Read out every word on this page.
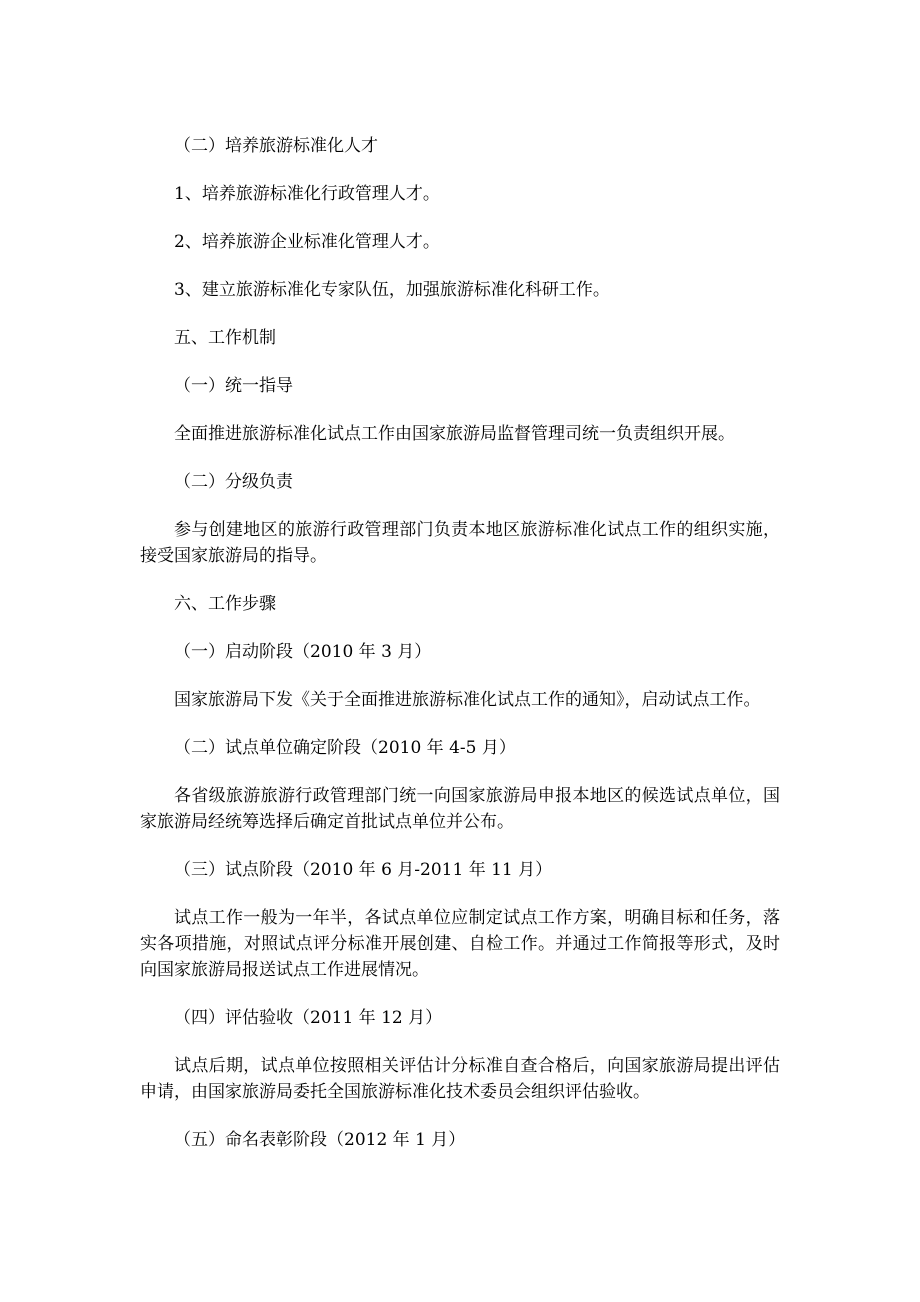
（二）培养旅游标准化人才

1、培养旅游标准化行政管理人才。

2、培养旅游企业标准化管理人才。

3、建立旅游标准化专家队伍，加强旅游标准化科研工作。

五、工作机制

（一）统一指导

全面推进旅游标准化试点工作由国家旅游局监督管理司统一负责组织开展。

（二）分级负责

参与创建地区的旅游行政管理部门负责本地区旅游标准化试点工作的组织实施，接受国家旅游局的指导。

六、工作步骤

（一）启动阶段（2010 年 3 月）

国家旅游局下发《关于全面推进旅游标准化试点工作的通知》，启动试点工作。

（二）试点单位确定阶段（2010 年 4-5 月）

各省级旅游旅游行政管理部门统一向国家旅游局申报本地区的候选试点单位，国家旅游局经统筹选择后确定首批试点单位并公布。

（三）试点阶段（2010 年 6 月-2011 年 11 月）

试点工作一般为一年半，各试点单位应制定试点工作方案，明确目标和任务，落实各项措施，对照试点评分标准开展创建、自检工作。并通过工作简报等形式，及时向国家旅游局报送试点工作进展情况。

（四）评估验收（2011 年 12 月）

试点后期，试点单位按照相关评估计分标准自查合格后，向国家旅游局提出评估申请，由国家旅游局委托全国旅游标准化技术委员会组织评估验收。

（五）命名表彰阶段（2012 年 1 月）
